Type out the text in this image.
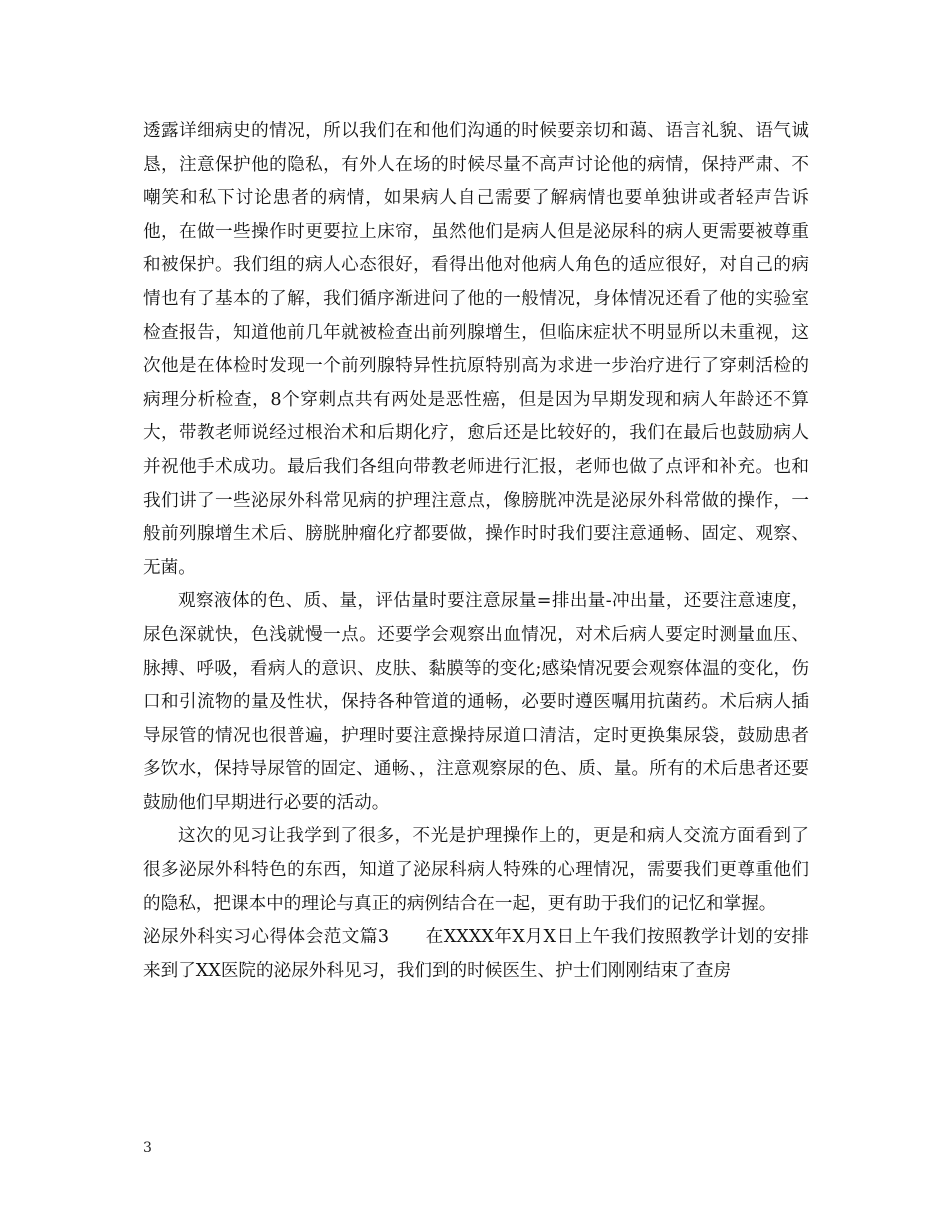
透露详细病史的情况，所以我们在和他们沟通的时候要亲切和蔼、语言礼貌、语气诚恳，注意保护他的隐私，有外人在场的时候尽量不高声讨论他的病情，保持严肃、不嘲笑和私下讨论患者的病情，如果病人自己需要了解病情也要单独讲或者轻声告诉他，在做一些操作时更要拉上床帘，虽然他们是病人但是泌尿科的病人更需要被尊重和被保护。我们组的病人心态很好，看得出他对他病人角色的适应很好，对自己的病情也有了基本的了解，我们循序渐进问了他的一般情况，身体情况还看了他的实验室检查报告，知道他前几年就被检查出前列腺增生，但临床症状不明显所以未重视，这次他是在体检时发现一个前列腺特异性抗原特别高为求进一步治疗进行了穿刺活检的病理分析检查，8个穿刺点共有两处是恶性癌，但是因为早期发现和病人年龄还不算大，带教老师说经过根治术和后期化疗，愈后还是比较好的，我们在最后也鼓励病人并祝他手术成功。最后我们各组向带教老师进行汇报，老师也做了点评和补充。也和我们讲了一些泌尿外科常见病的护理注意点，像膀胱冲洗是泌尿外科常做的操作，一般前列腺增生术后、膀胱肿瘤化疗都要做，操作时时我们要注意通畅、固定、观察、无菌。

观察液体的色、质、量，评估量时要注意尿量=排出量-冲出量，还要注意速度，尿色深就快，色浅就慢一点。还要学会观察出血情况，对术后病人要定时测量血压、脉搏、呼吸，看病人的意识、皮肤、黏膜等的变化;感染情况要会观察体温的变化，伤口和引流物的量及性状，保持各种管道的通畅，必要时遵医嘱用抗菌药。术后病人插导尿管的情况也很普遍，护理时要注意操持尿道口清洁，定时更换集尿袋，鼓励患者多饮水，保持导尿管的固定、通畅、，注意观察尿的色、质、量。所有的术后患者还要鼓励他们早期进行必要的活动。

这次的见习让我学到了很多，不光是护理操作上的，更是和病人交流方面看到了很多泌尿外科特色的东西，知道了泌尿科病人特殊的心理情况，需要我们更尊重他们的隐私，把课本中的理论与真正的病例结合在一起，更有助于我们的记忆和掌握。

泌尿外科实习心得体会范文篇3　　在XXXX年X月X日上午我们按照教学计划的安排来到了XX医院的泌尿外科见习，我们到的时候医生、护士们刚刚结束了查房

3
